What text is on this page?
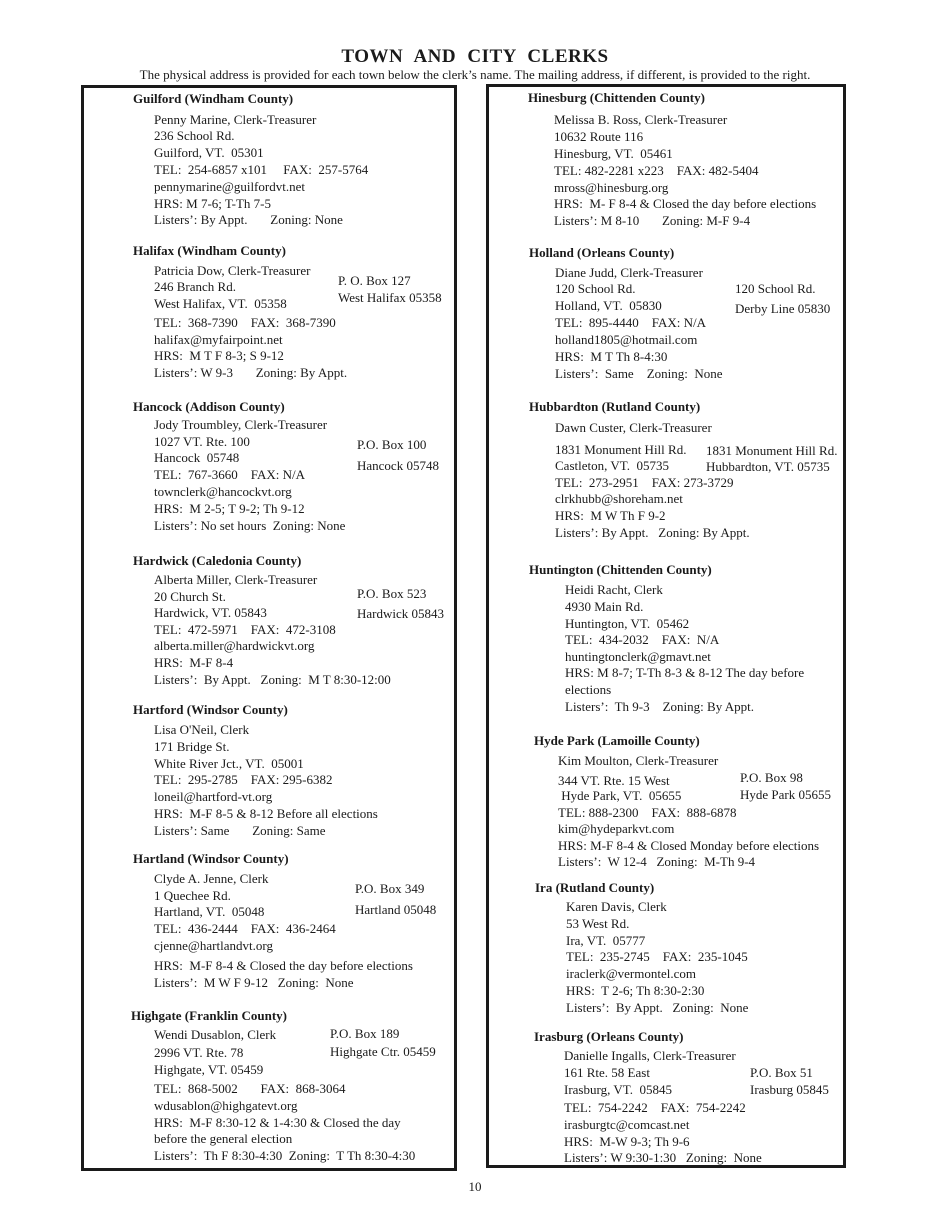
TOWN AND CITY CLERKS
The physical address is provided for each town below the clerk’s name. The mailing address, if different, is provided to the right.
Guilford (Windham County)
Penny Marine, Clerk-Treasurer
236 School Rd.
Guilford, VT.  05301
TEL:  254-6857 x101     FAX:  257-5764
pennymarine@guilfordvt.net
HRS: M 7-6; T-Th 7-5
Listers’: By Appt.       Zoning: None
Halifax (Windham County)
Patricia Dow, Clerk-Treasurer
246 Branch Rd.
West Halifax, VT.  05358
TEL:  368-7390    FAX:  368-7390
halifax@myfairpoint.net
HRS:  M T F 8-3; S 9-12
Listers’: W 9-3       Zoning: By Appt.
P. O. Box 127
West Halifax 05358
Hancock (Addison County)
Jody Troumbley, Clerk-Treasurer
1027 VT. Rte. 100
Hancock  05748
TEL:  767-3660    FAX: N/A
townclerk@hancockvt.org
HRS:  M 2-5; T 9-2; Th 9-12
Listers’: No set hours  Zoning: None
P.O. Box 100
Hancock 05748
Hardwick (Caledonia County)
Alberta Miller, Clerk-Treasurer
20 Church St.
Hardwick, VT. 05843
TEL:  472-5971    FAX:  472-3108
alberta.miller@hardwickvt.org
HRS:  M-F 8-4
Listers’:  By Appt.   Zoning:  M T 8:30-12:00
P.O. Box 523
Hardwick 05843
Hartford (Windsor County)
Lisa O'Neil, Clerk
171 Bridge St.
White River Jct., VT.  05001
TEL:  295-2785    FAX: 295-6382
loneil@hartford-vt.org
HRS:  M-F 8-5 & 8-12 Before all elections
Listers’: Same       Zoning: Same
Hartland (Windsor County)
Clyde A. Jenne, Clerk
1 Quechee Rd.
Hartland, VT.  05048
TEL:  436-2444    FAX:  436-2464
cjenne@hartlandvt.org
HRS:  M-F 8-4 & Closed the day before elections
Listers’:  M W F 9-12   Zoning:  None
P.O. Box 349
Hartland 05048
Highgate (Franklin County)
Wendi Dusablon, Clerk
2996 VT. Rte. 78
Highgate, VT. 05459
TEL:  868-5002       FAX:  868-3064
wdusablon@highgatevt.org
HRS:  M-F 8:30-12 & 1-4:30 & Closed the day
before the general election
Listers’:  Th F 8:30-4:30  Zoning:  T Th 8:30-4:30
P.O. Box 189
Highgate Ctr. 05459
Hinesburg (Chittenden County)
Melissa B. Ross, Clerk-Treasurer
10632 Route 116
Hinesburg, VT.  05461
TEL: 482-2281 x223    FAX: 482-5404
mross@hinesburg.org
HRS:  M- F 8-4 & Closed the day before elections
Listers’: M 8-10       Zoning: M-F 9-4
Holland (Orleans County)
Diane Judd, Clerk-Treasurer
120 School Rd.
Holland, VT.  05830
TEL:  895-4440    FAX: N/A
holland1805@hotmail.com
HRS:  M T Th 8-4:30
Listers’:  Same    Zoning:  None
120 School Rd.
Derby Line 05830
Hubbardton (Rutland County)
Dawn Custer, Clerk-Treasurer
1831 Monument Hill Rd.
Castleton, VT.  05735
TEL:  273-2951    FAX: 273-3729
clrkhubb@shoreham.net
HRS:  M W Th F 9-2
Listers’: By Appt.   Zoning: By Appt.
1831 Monument Hill Rd.
Hubbardton, VT. 05735
Huntington (Chittenden County)
Heidi Racht, Clerk
4930 Main Rd.
Huntington, VT.  05462
TEL:  434-2032    FAX:  N/A
huntingtonclerk@gmavt.net
HRS: M 8-7; T-Th 8-3 & 8-12 The day before
elections
Listers’:  Th 9-3    Zoning: By Appt.
Hyde Park (Lamoille County)
Kim Moulton, Clerk-Treasurer
344 VT. Rte. 15 West
Hyde Park, VT.  05655
TEL: 888-2300    FAX:  888-6878
kim@hydeparkvt.com
HRS: M-F 8-4 & Closed Monday before elections
Listers’:  W 12-4   Zoning:  M-Th 9-4
P.O. Box 98
Hyde Park 05655
Ira (Rutland County)
Karen Davis, Clerk
53 West Rd.
Ira, VT.  05777
TEL:  235-2745    FAX:  235-1045
iraclerk@vermontel.com
HRS:  T 2-6; Th 8:30-2:30
Listers’:  By Appt.   Zoning:  None
Irasburg (Orleans County)
Danielle Ingalls, Clerk-Treasurer
161 Rte. 58 East
Irasburg, VT.  05845
TEL:  754-2242    FAX:  754-2242
irasburgtc@comcast.net
HRS:  M-W 9-3; Th 9-6
Listers’: W 9:30-1:30   Zoning:  None
P.O. Box 51
Irasburg 05845
10
